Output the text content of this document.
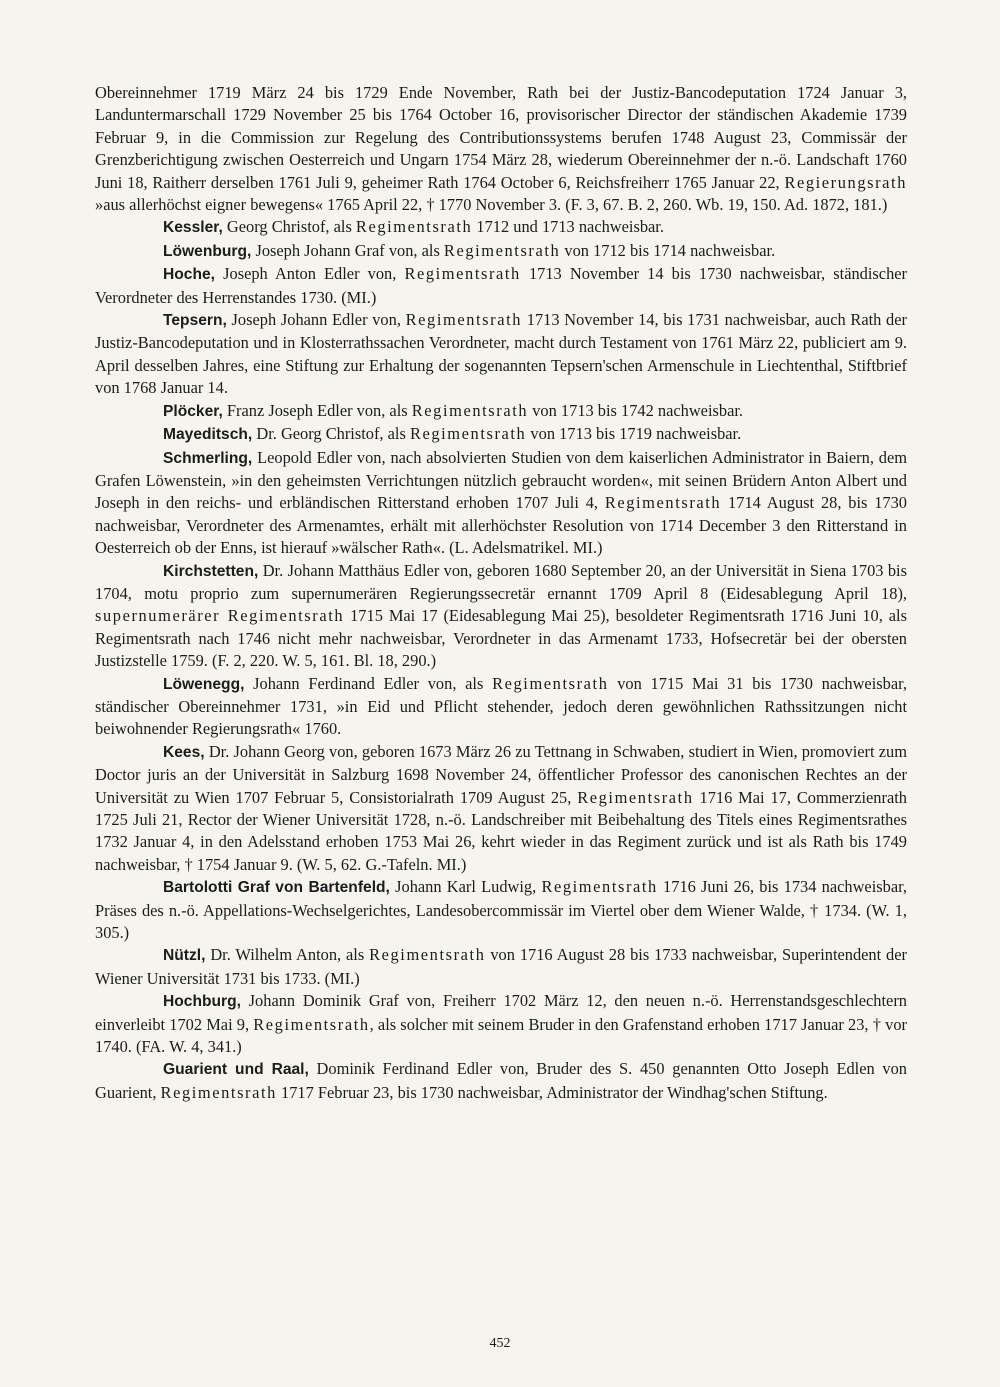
Obereinnehmer 1719 März 24 bis 1729 Ende November, Rath bei der Justiz-Bancodeputation 1724 Januar 3, Landuntermarschall 1729 November 25 bis 1764 October 16, provisorischer Director der ständischen Akademie 1739 Februar 9, in die Commission zur Regelung des Contributionssystems berufen 1748 August 23, Commissär der Grenzberichtigung zwischen Oesterreich und Ungarn 1754 März 28, wiederum Obereinnehmer der n.-ö. Landschaft 1760 Juni 18, Raitherr derselben 1761 Juli 9, geheimer Rath 1764 October 6, Reichsfreiherr 1765 Januar 22, Regierungsrath »aus allerhöchst eigner bewegens« 1765 April 22, † 1770 November 3. (F. 3, 67. B. 2, 260. Wb. 19, 150. Ad. 1872, 181.)

Kessler, Georg Christof, als Regimentsrath 1712 und 1713 nachweisbar.

Löwenburg, Joseph Johann Graf von, als Regimentsrath von 1712 bis 1714 nachweisbar.

Hoche, Joseph Anton Edler von, Regimentsrath 1713 November 14 bis 1730 nachweisbar, ständischer Verordneter des Herrenstandes 1730. (MI.)

Tepsern, Joseph Johann Edler von, Regimentsrath 1713 November 14, bis 1731 nachweisbar, auch Rath der Justiz-Bancodeputation und in Klosterrathssachen Verordneter, macht durch Testament von 1761 März 22, publiciert am 9. April desselben Jahres, eine Stiftung zur Erhaltung der sogenannten Tepsern'schen Armenschule in Liechtenthal, Stiftbrief von 1768 Januar 14.

Plöcker, Franz Joseph Edler von, als Regimentsrath von 1713 bis 1742 nachweisbar.

Mayeditsch, Dr. Georg Christof, als Regimentsrath von 1713 bis 1719 nachweisbar.

Schmerling, Leopold Edler von, nach absolvierten Studien von dem kaiserlichen Administrator in Baiern, dem Grafen Löwenstein, »in den geheimsten Verrichtungen nützlich gebraucht worden«, mit seinen Brüdern Anton Albert und Joseph in den reichs- und erbländischen Ritterstand erhoben 1707 Juli 4, Regimentsrath 1714 August 28, bis 1730 nachweisbar, Verordneter des Armenamtes, erhält mit allerhöchster Resolution von 1714 December 3 den Ritterstand in Oesterreich ob der Enns, ist hierauf »wälscher Rath«. (L. Adelsmatrikel. MI.)

Kirchstetten, Dr. Johann Matthäus Edler von, geboren 1680 September 20, an der Universität in Siena 1703 bis 1704, motu proprio zum supernumerären Regierungssecretär ernannt 1709 April 8 (Eidesablegung April 18), supernumerärer Regimentsrath 1715 Mai 17 (Eidesablegung Mai 25), besoldeter Regimentsrath 1716 Juni 10, als Regimentsrath nach 1746 nicht mehr nachweisbar, Verordneter in das Armenamt 1733, Hofsecretär bei der obersten Justizstelle 1759. (F. 2, 220. W. 5, 161. Bl. 18, 290.)

Löwenegg, Johann Ferdinand Edler von, als Regimentsrath von 1715 Mai 31 bis 1730 nachweisbar, ständischer Obereinnehmer 1731, »in Eid und Pflicht stehender, jedoch deren gewöhnlichen Rathssitzungen nicht beiwohnender Regierungsrath« 1760.

Kees, Dr. Johann Georg von, geboren 1673 März 26 zu Tettnang in Schwaben, studiert in Wien, promoviert zum Doctor juris an der Universität in Salzburg 1698 November 24, öffentlicher Professor des canonischen Rechtes an der Universität zu Wien 1707 Februar 5, Consistorialrath 1709 August 25, Regimentsrath 1716 Mai 17, Commerzienrath 1725 Juli 21, Rector der Wiener Universität 1728, n.-ö. Landschreiber mit Beibehaltung des Titels eines Regimentsrathes 1732 Januar 4, in den Adelsstand erhoben 1753 Mai 26, kehrt wieder in das Regiment zurück und ist als Rath bis 1749 nachweisbar, † 1754 Januar 9. (W. 5, 62. G.-Tafeln. MI.)

Bartolotti Graf von Bartenfeld, Johann Karl Ludwig, Regimentsrath 1716 Juni 26, bis 1734 nachweisbar, Präses des n.-ö. Appellations-Wechselgerichtes, Landesobercommissär im Viertel ober dem Wiener Walde, † 1734. (W. 1, 305.)

Nützl, Dr. Wilhelm Anton, als Regimentsrath von 1716 August 28 bis 1733 nachweisbar, Superintendent der Wiener Universität 1731 bis 1733. (MI.)

Hochburg, Johann Dominik Graf von, Freiherr 1702 März 12, den neuen n.-ö. Herrenstandsgeschlechtern einverleibt 1702 Mai 9, Regimentsrath, als solcher mit seinem Bruder in den Grafenstand erhoben 1717 Januar 23, † vor 1740. (FA. W. 4, 341.)

Guarient und Raal, Dominik Ferdinand Edler von, Bruder des S. 450 genannten Otto Joseph Edlen von Guarient, Regimentsrath 1717 Februar 23, bis 1730 nachweisbar, Administrator der Windhag'schen Stiftung.

452
